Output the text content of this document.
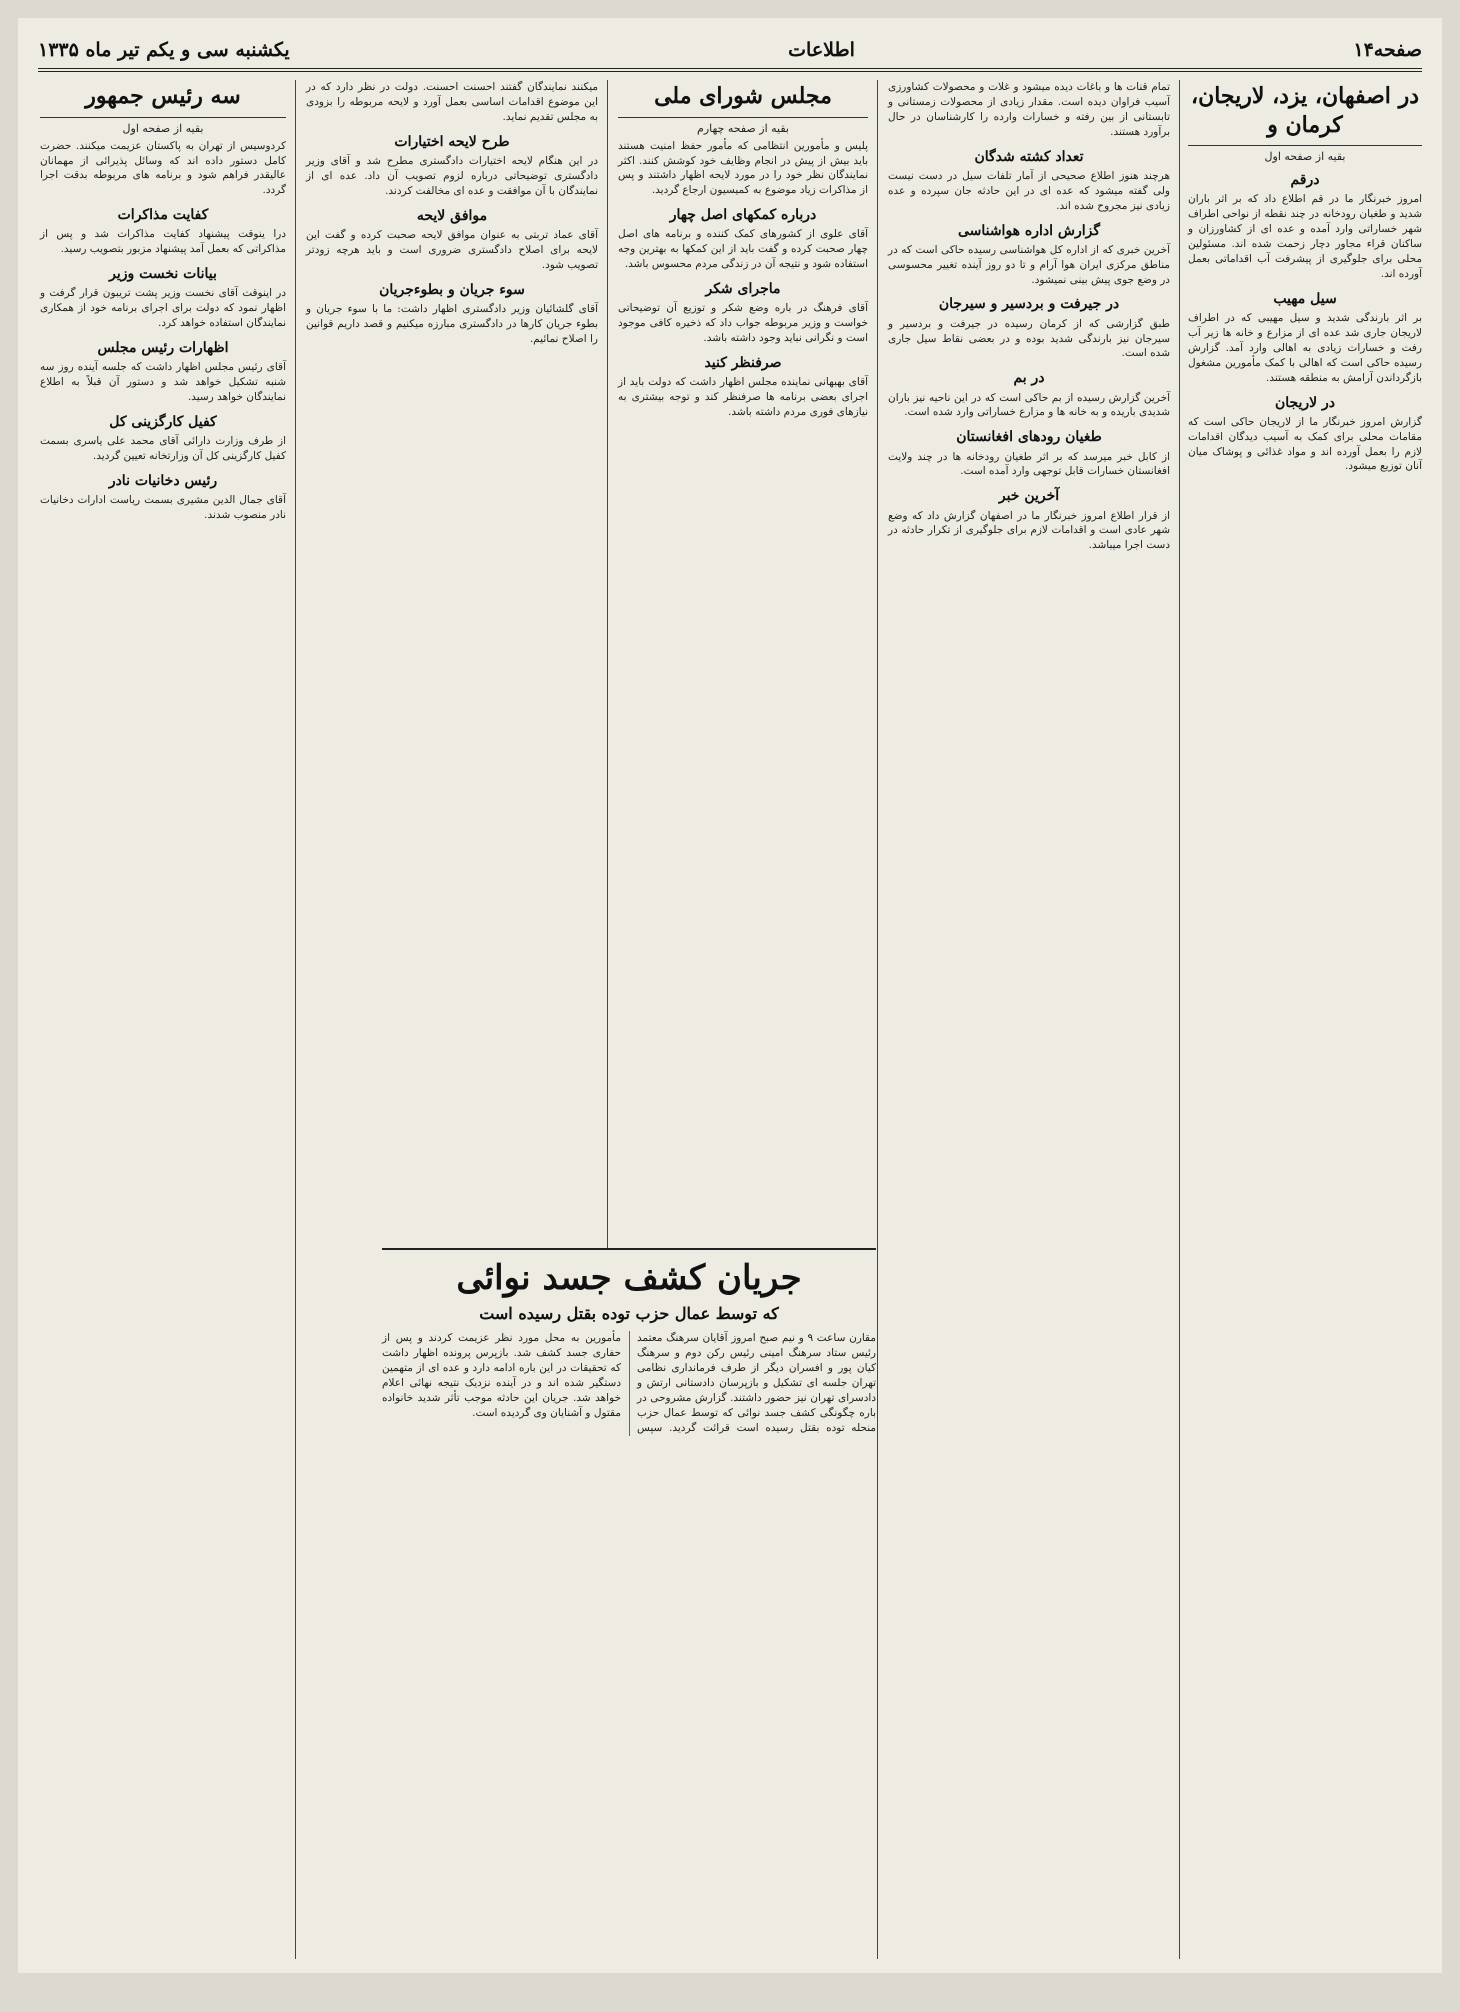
صفحه۱۴
اطلاعات
یکشنبه سی و یکم تیر ماه ۱۳۳۵
در اصفهان، یزد، لاریجان، کرمان و
بقیه از صفحه اول
درقم

امروز خبرنگار ما در قم اطلاع داد که بر اثر باران شدید و طغیان رودخانه در چند نقطه از نواحی اطراف شهر خساراتی وارد آمده و عده ای از کشاورزان و ساکنان قراء مجاور دچار زحمت شده اند. مسئولین محلی برای جلوگیری از پیشرفت آب اقداماتی بعمل آورده اند.

سیل مهیب

بر اثر بارندگی شدید و سیل مهیبی که در اطراف لاریجان جاری شد عده ای از مزارع و خانه ها زیر آب رفت و خسارات زیادی به اهالی وارد آمد. گزارش رسیده حاکی است که اهالی با کمک مأمورین مشغول بازگرداندن آرامش به منطقه هستند.

در لاریجان

گزارش امروز خبرنگار ما از لاریجان حاکی است که مقامات محلی برای کمک به آسیب دیدگان اقدامات لازم را بعمل آورده اند و مواد غذائی و پوشاک میان آنان توزیع میشود.

تمام قنات ها و باغات دیده میشود و غلات و محصولات کشاورزی آسیب فراوان دیده است. مقدار زیادی از محصولات زمستانی و تابستانی از بین رفته و خسارات وارده را کارشناسان در حال برآورد هستند.

تعداد کشته شدگان

هرچند هنوز اطلاع صحیحی از آمار تلفات سیل در دست نیست ولی گفته میشود که عده ای در این حادثه جان سپرده و عده زیادی نیز مجروح شده اند.

گزارش اداره هواشناسی

آخرین خبری که از اداره کل هواشناسی رسیده حاکی است که در مناطق مرکزی ایران هوا آرام و تا دو روز آینده تغییر محسوسی در وضع جوی پیش بینی نمیشود.

در جیرفت و بردسیر و سیرجان

طبق گزارشی که از کرمان رسیده در جیرفت و بردسیر و سیرجان نیز بارندگی شدید بوده و در بعضی نقاط سیل جاری شده است.

در بم

آخرین گزارش رسیده از بم حاکی است که در این ناحیه نیز باران شدیدی باریده و به خانه ها و مزارع خساراتی وارد شده است.

طغیان رودهای افغانستان

از کابل خبر میرسد که بر اثر طغیان رودخانه ها در چند ولایت افغانستان خسارات قابل توجهی وارد آمده است.

آخرین خبر

از قرار اطلاع امروز خبرنگار ما در اصفهان گزارش داد که وضع شهر عادی است و اقدامات لازم برای جلوگیری از تکرار حادثه در دست اجرا میباشد.

مجلس شورای ملی
بقیه از صفحه چهارم

پلیس و مأمورین انتظامی که مأمور حفظ امنیت هستند باید بیش از پیش در انجام وظایف خود کوشش کنند. اکثر نمایندگان نظر خود را در مورد لایحه اظهار داشتند و پس از مذاکرات زیاد موضوع به کمیسیون ارجاع گردید.

درباره کمکهای اصل چهار

آقای علوی از کشورهای کمک کننده و برنامه های اصل چهار صحبت کرده و گفت باید از این کمکها به بهترین وجه استفاده شود و نتیجه آن در زندگی مردم محسوس باشد.

ماجرای شکر

آقای فرهنگ در باره وضع شکر و توزیع آن توضیحاتی خواست و وزیر مربوطه جواب داد که ذخیره کافی موجود است و نگرانی نباید وجود داشته باشد.

صرفنظر کنید

آقای بهبهانی نماینده مجلس اظهار داشت که دولت باید از اجرای بعضی برنامه ها صرفنظر کند و توجه بیشتری به نیازهای فوری مردم داشته باشد.

جریان کشف جسد نوائی
که توسط عمال حزب توده بقتل رسیده است

مقارن ساعت ۹ و نیم صبح امروز آقایان سرهنگ معتمد رئیس ستاد سرهنگ امینی رئیس رکن دوم و سرهنگ کیان پور و افسران دیگر از طرف فرمانداری نظامی تهران جلسه ای تشکیل و بازپرسان دادستانی ارتش و دادسرای تهران نیز حضور داشتند. گزارش مشروحی در باره چگونگی کشف جسد نوائی که توسط عمال حزب منحله توده بقتل رسیده است قرائت گردید. سپس مأمورین به محل مورد نظر عزیمت کردند و پس از حفاری جسد کشف شد. بازپرس پرونده اظهار داشت که تحقیقات در این باره ادامه دارد و عده ای از متهمین دستگیر شده اند و در آینده نزدیک نتیجه نهائی اعلام خواهد شد. جریان این حادثه موجب تأثر شدید خانواده مقتول و آشنایان وی گردیده است.

میکنند نمایندگان گفتند احسنت احسنت. دولت در نظر دارد که در این موضوع اقدامات اساسی بعمل آورد و لایحه مربوطه را بزودی به مجلس تقدیم نماید.

طرح لایحه اختیارات

در این هنگام لایحه اختیارات دادگستری مطرح شد و آقای وزیر دادگستری توضیحاتی درباره لزوم تصویب آن داد. عده ای از نمایندگان با آن موافقت و عده ای مخالفت کردند.

موافق لایحه

آقای عماد تربتی به عنوان موافق لایحه صحبت کرده و گفت این لایحه برای اصلاح دادگستری ضروری است و باید هرچه زودتر تصویب شود.

سوء جریان و بطوءجریان

آقای گلشائیان وزیر دادگستری اظهار داشت: ما با سوء جریان و بطوء جریان کارها در دادگستری مبارزه میکنیم و قصد داریم قوانین را اصلاح نمائیم.

سه رئیس جمهور
بقیه از صفحه اول

کردوسیس از تهران به پاکستان عزیمت میکنند. حضرت کامل دستور داده اند که وسائل پذیرائی از مهمانان عالیقدر فراهم شود و برنامه های مربوطه بدقت اجرا گردد.

کفایت مذاکرات

درا ینوقت پیشنهاد کفایت مذاکرات شد و پس از مذاکراتی که بعمل آمد پیشنهاد مزبور بتصویب رسید.

بیانات نخست وزیر

در اینوقت آقای نخست وزیر پشت تریبون قرار گرفت و اظهار نمود که دولت برای اجرای برنامه خود از همکاری نمایندگان استفاده خواهد کرد.

اظهارات رئیس مجلس

آقای رئیس مجلس اظهار داشت که جلسه آینده روز سه شنبه تشکیل خواهد شد و دستور آن قبلاً به اطلاع نمایندگان خواهد رسید.

کفیل کارگزینی کل

از طرف وزارت دارائی آقای محمد علی یاسری بسمت کفیل کارگزینی کل آن وزارتخانه تعیین گردید.

رئیس دخانیات نادر

آقای جمال الدین مشیری بسمت ریاست ادارات دخانیات نادر منصوب شدند.
